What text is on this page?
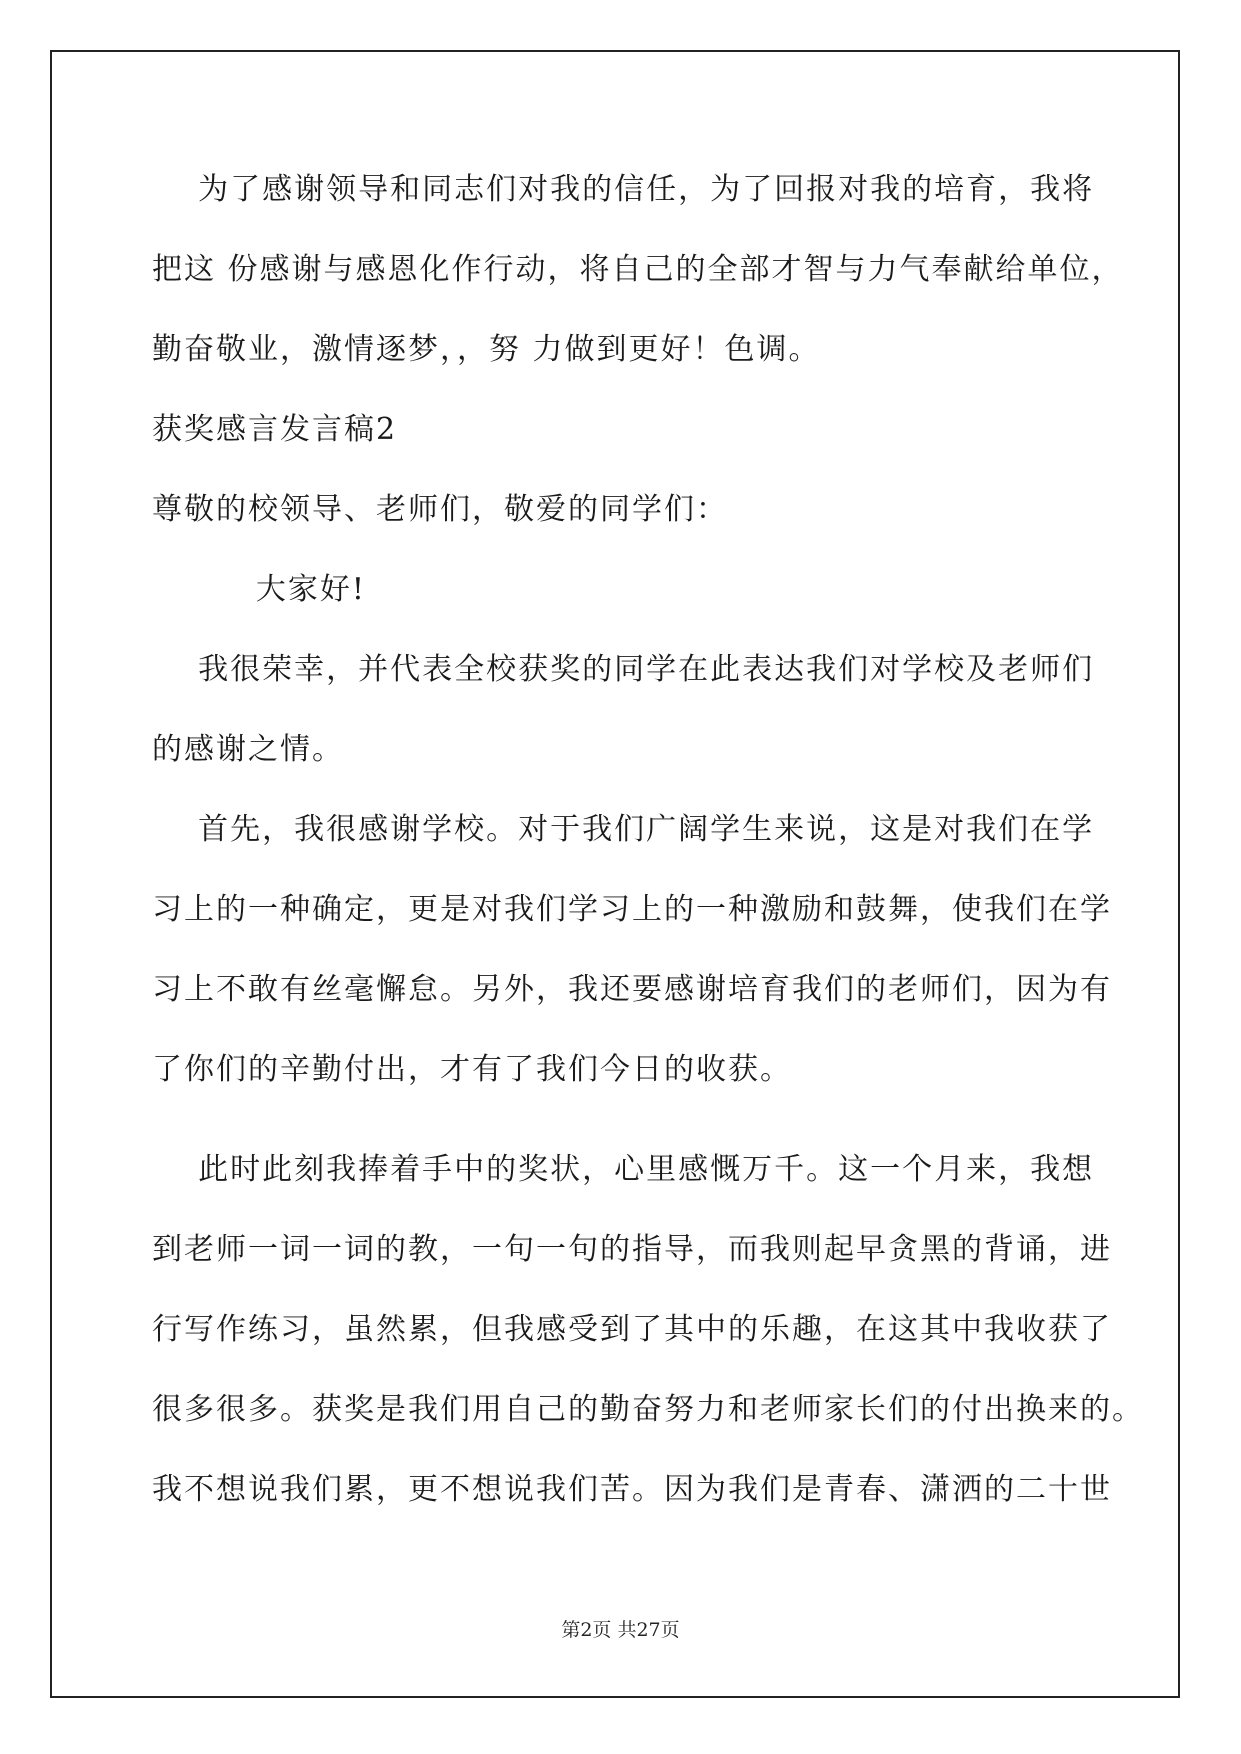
为了感谢领导和同志们对我的信任，为了回报对我的培育，我将

把这 份感谢与感恩化作行动，将自己的全部才智与力气奉献给单位，

勤奋敬业，激情逐梦，，努 力做到更好！色调。

获奖感言发言稿2

尊敬的校领导、老师们，敬爱的同学们：

大家好!

我很荣幸，并代表全校获奖的同学在此表达我们对学校及老师们

的感谢之情。

首先，我很感谢学校。对于我们广阔学生来说，这是对我们在学

习上的一种确定，更是对我们学习上的一种激励和鼓舞，使我们在学

习上不敢有丝毫懈怠。另外，我还要感谢培育我们的老师们，因为有

了你们的辛勤付出，才有了我们今日的收获。

此时此刻我捧着手中的奖状，心里感慨万千。这一个月来，我想

到老师一词一词的教，一句一句的指导，而我则起早贪黑的背诵，进

行写作练习，虽然累，但我感受到了其中的乐趣，在这其中我收获了

很多很多。获奖是我们用自己的勤奋努力和老师家长们的付出换来的。

我不想说我们累，更不想说我们苦。因为我们是青春、潇洒的二十世

第2页 共27页
